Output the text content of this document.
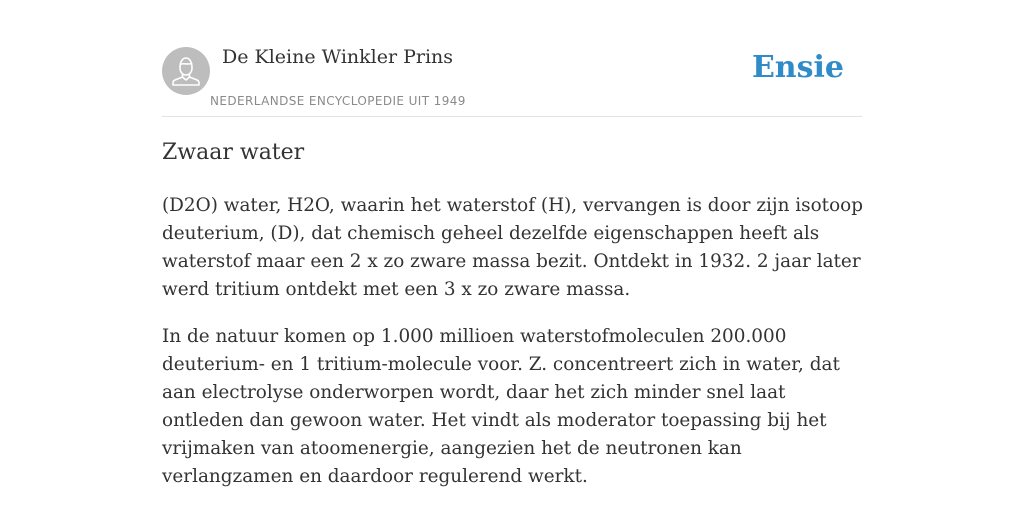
De Kleine Winkler Prins
NEDERLANDSE ENCYCLOPEDIE UIT 1949
Ensie
Zwaar water

(D2O) water, H2O, waarin het waterstof (H), vervangen is door zijn isotoop deuterium, (D), dat chemisch geheel dezelfde eigenschappen heeft als waterstof maar een 2 x zo zware massa bezit. Ontdekt in 1932. 2 jaar later werd tritium ontdekt met een 3 x zo zware massa.

In de natuur komen op 1.000 millioen waterstofmoleculen 200.000 deuterium- en 1 tritium-molecule voor. Z. concentreert zich in water, dat aan electrolyse onderworpen wordt, daar het zich minder snel laat ontleden dan gewoon water. Het vindt als moderator toepassing bij het vrijmaken van atoomenergie, aangezien het de neutronen kan verlangzamen en daardoor regulerend werkt.
